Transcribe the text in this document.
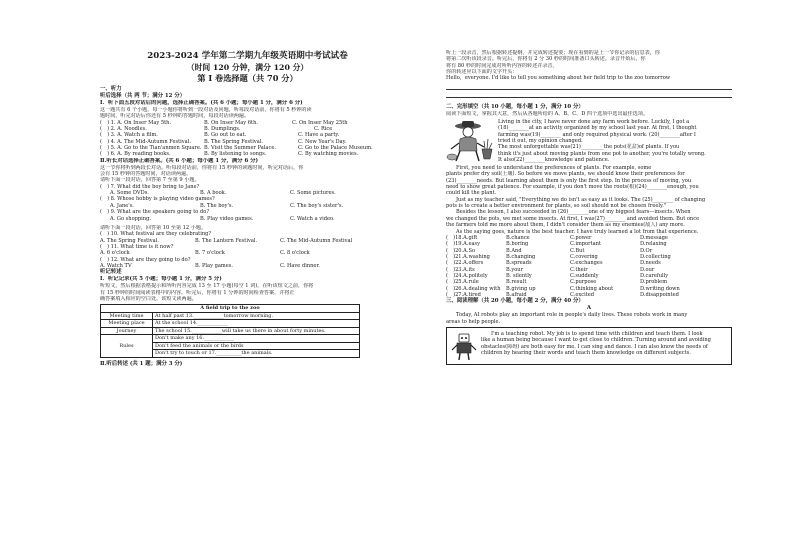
2023-2024 学年第二学期九年级英语期中考试试卷
（时间 120 分钟，满分 120 分）
第 I 卷选择题（共 70 分）
一、听力
听后选择（共 两 节；满分 12 分）
Ⅰ．听下面五段对话后的问题，选择正确答案。(共 6 小题；每小题 1 分，满分 6 分)
这一题共有 6 个小题，每一小题你将听到一段对话及问题，听每段对话前，你将有 5 秒钟的读
题时间，听完对话后你还有 5 秒钟的答题时间，每段对话读两遍。
(　) 1. A. On Inser May 5th.	B. On Inser May 6th.	C. On Inser May 25th
(　) 2. A. Noodles.	B. Dumplings.	C. Rice
(　) 3. A. Watch a film.	B. Go out to eat.	C. Have a party.
(　) 4. A. The Mid-Autumn Festival.	B. The Spring Festival.	C. New Year's Day.
(　) 5. A. Go to the Tian'anmen Square. B. Visit the Summer Palace.	C. Go to the Palace Museum.
(　) 6. A. By reading books.	B. By listening to songs.	C. By watching movies.
Ⅱ.听长对话选择正确答案。(共 6 小题；每小题 1 分，满分 6 分)
这一节你将听到两段长对话。听每段对话前，你将有 15 秒钟的读题时间，听完对话后，你
会有 15 秒钟的答题时间，对话读两遍。
请听下面一段对话，回答第 7 至第 9 小题。
(　) 7. What did the boy bring to Jane?
A. Some DVDs.	B. A book.	C. Some pictures.
(　) 8. Whose hobby is playing video games?
A. Jane's.	B. The boy's.	C. The boy's sister's.
(　) 9. What are the speakers going to do?
A. Go shopping.	B. Play video games.	C. Watch a video.
请听下面一段对话，回答第 10 至第 12 小题。
(　) 10. What festival are they celebrating?
A. The Spring Festival.	B. The Lantern Festival.	C. The Mid-Autumn Festival
(　) 11. What time is it now?
A. 6 o'clock	B. 7 o'clock	C. 8 o'clock
(　) 12. What are they going to do?
A. Watch TV	B. Play games.	C. Have dinner.
听记转述
Ⅰ．听记记录(共 5 小题；每小题 1 分，满分 5 分)
听短文，然后根据表格提示和所听内容完成 13 至 17 小题(每空 1 词)。在听该短文之前，你将
有 15 秒钟的时间阅读表格中的内容。听完后，你将有 1 分钟的时间检查答案，并将正
确答案填入相应的空白处。该短文读两遍。
A field trip to the zoo	
Meeting time	At half past 13.____________tomorrow morning.
Meeting place	At the school 14.____________
Journey	The school 15.____________will take us there in about forty minutes.
Rules	Don't make any 16.____________
	Don't feed the animals or the birds
	Don't try to touch or 17.__________the animals.
Ⅱ.听后转述 (共 1 题；满分 3 分)
听上一段录音，然后根据转述提纲，并完成转述提要；现在看到的是上一节你记录的信息表，你
将第二次听该段录音。听完后，你将有 2 分 30 秒的时间准备口头转述。录音开始后，你
将有 80 秒的时间完成对所听内容的转述并录音。
你的转述应以下面的文字开头：
Hello，everyone. I'd like to tell you something about her field trip to the zoo tomorrow
二、完形填空（共 10 小题，每小题 1 分，满分 10 分）
阅读下面短文，掌握其大意，然后从各题所给的 A、B、C、D 四个选项中选出最佳选项。
Living in the city, I have never done any farm work before. Luckily, I got a
(18)________at an activity organized by my school last year. At first, I thought
farming was(19)________ and only required physical work. (20)________after I
tried it out, my opinion changed.
The most unforgettable was(21)_________the pots(花盆)of plants. If you
think it's just about moving plants from one pot to another, you're totally wrong.
It also(22)________knowledge and patience.
First, you need to understand the preferences of plants. For example, some
plants prefer dry soil(土壤). So before we move plants, we should know their preferences for
(23)________needs. But learning about them is only the first step. In the process of moving, you
need to show great patience. For example, if you don't move the roots(根)(24)________enough, you
could kill the plant.
Just as my teacher said, "Everything we do isn't as easy as it looks. The (25)________ of changing
pots is to create a better environment for plants, so soil should not be chosen freely."
Besides the lesson, I also succeeded in (26)________one of my biggest fears---insects. When
we changed the pots, we met some insects. At first, I was(27)________ and avoided them. But once
the farmers told me more about them, I didn't consider them as my enemies(敌人) any more.
As the saying goes, nature is the best teacher. I have truly learned a lot from that experience.
(　)18.A.gift	B.chance	C.power	D.message
(　)19.A.easy	B.boring	C.important	D.relaxing
(　)20.A.So	B.And	C.But	D.Or
(　)21.A.washing	B.changing	C.covering	D.collecting
(　)22.A.offers	B.spreads	C.exchanges	D.needs
(　)23.A.its	B.your	C.their	D.our
(　)24.A.politely	B. silently	C.suddenly	D.carefully
(　)25.A.rule	B.result	C.purpose	D.problem
(　)26.A.dealing with	B.giving up	C.thinking about	D.writing down
(　)27.A.tired	B.afraid	C.excited	D.disappointed
三、阅读理解（共 20 小题，每小题 2 分，满分 40 分）
A
Today, AI robots play an important role in people's daily lives. These robots work in many
areas to help people.
I'm a teaching robot. My job is to spend time with children and teach them. I look
like a human being because I want to get close to children. Turning around and avoiding
obstacles(障碍) are both easy for me. I can sing and dance. I can also know the needs of
children by hearing their words and teach them knowledge on different subjects.
